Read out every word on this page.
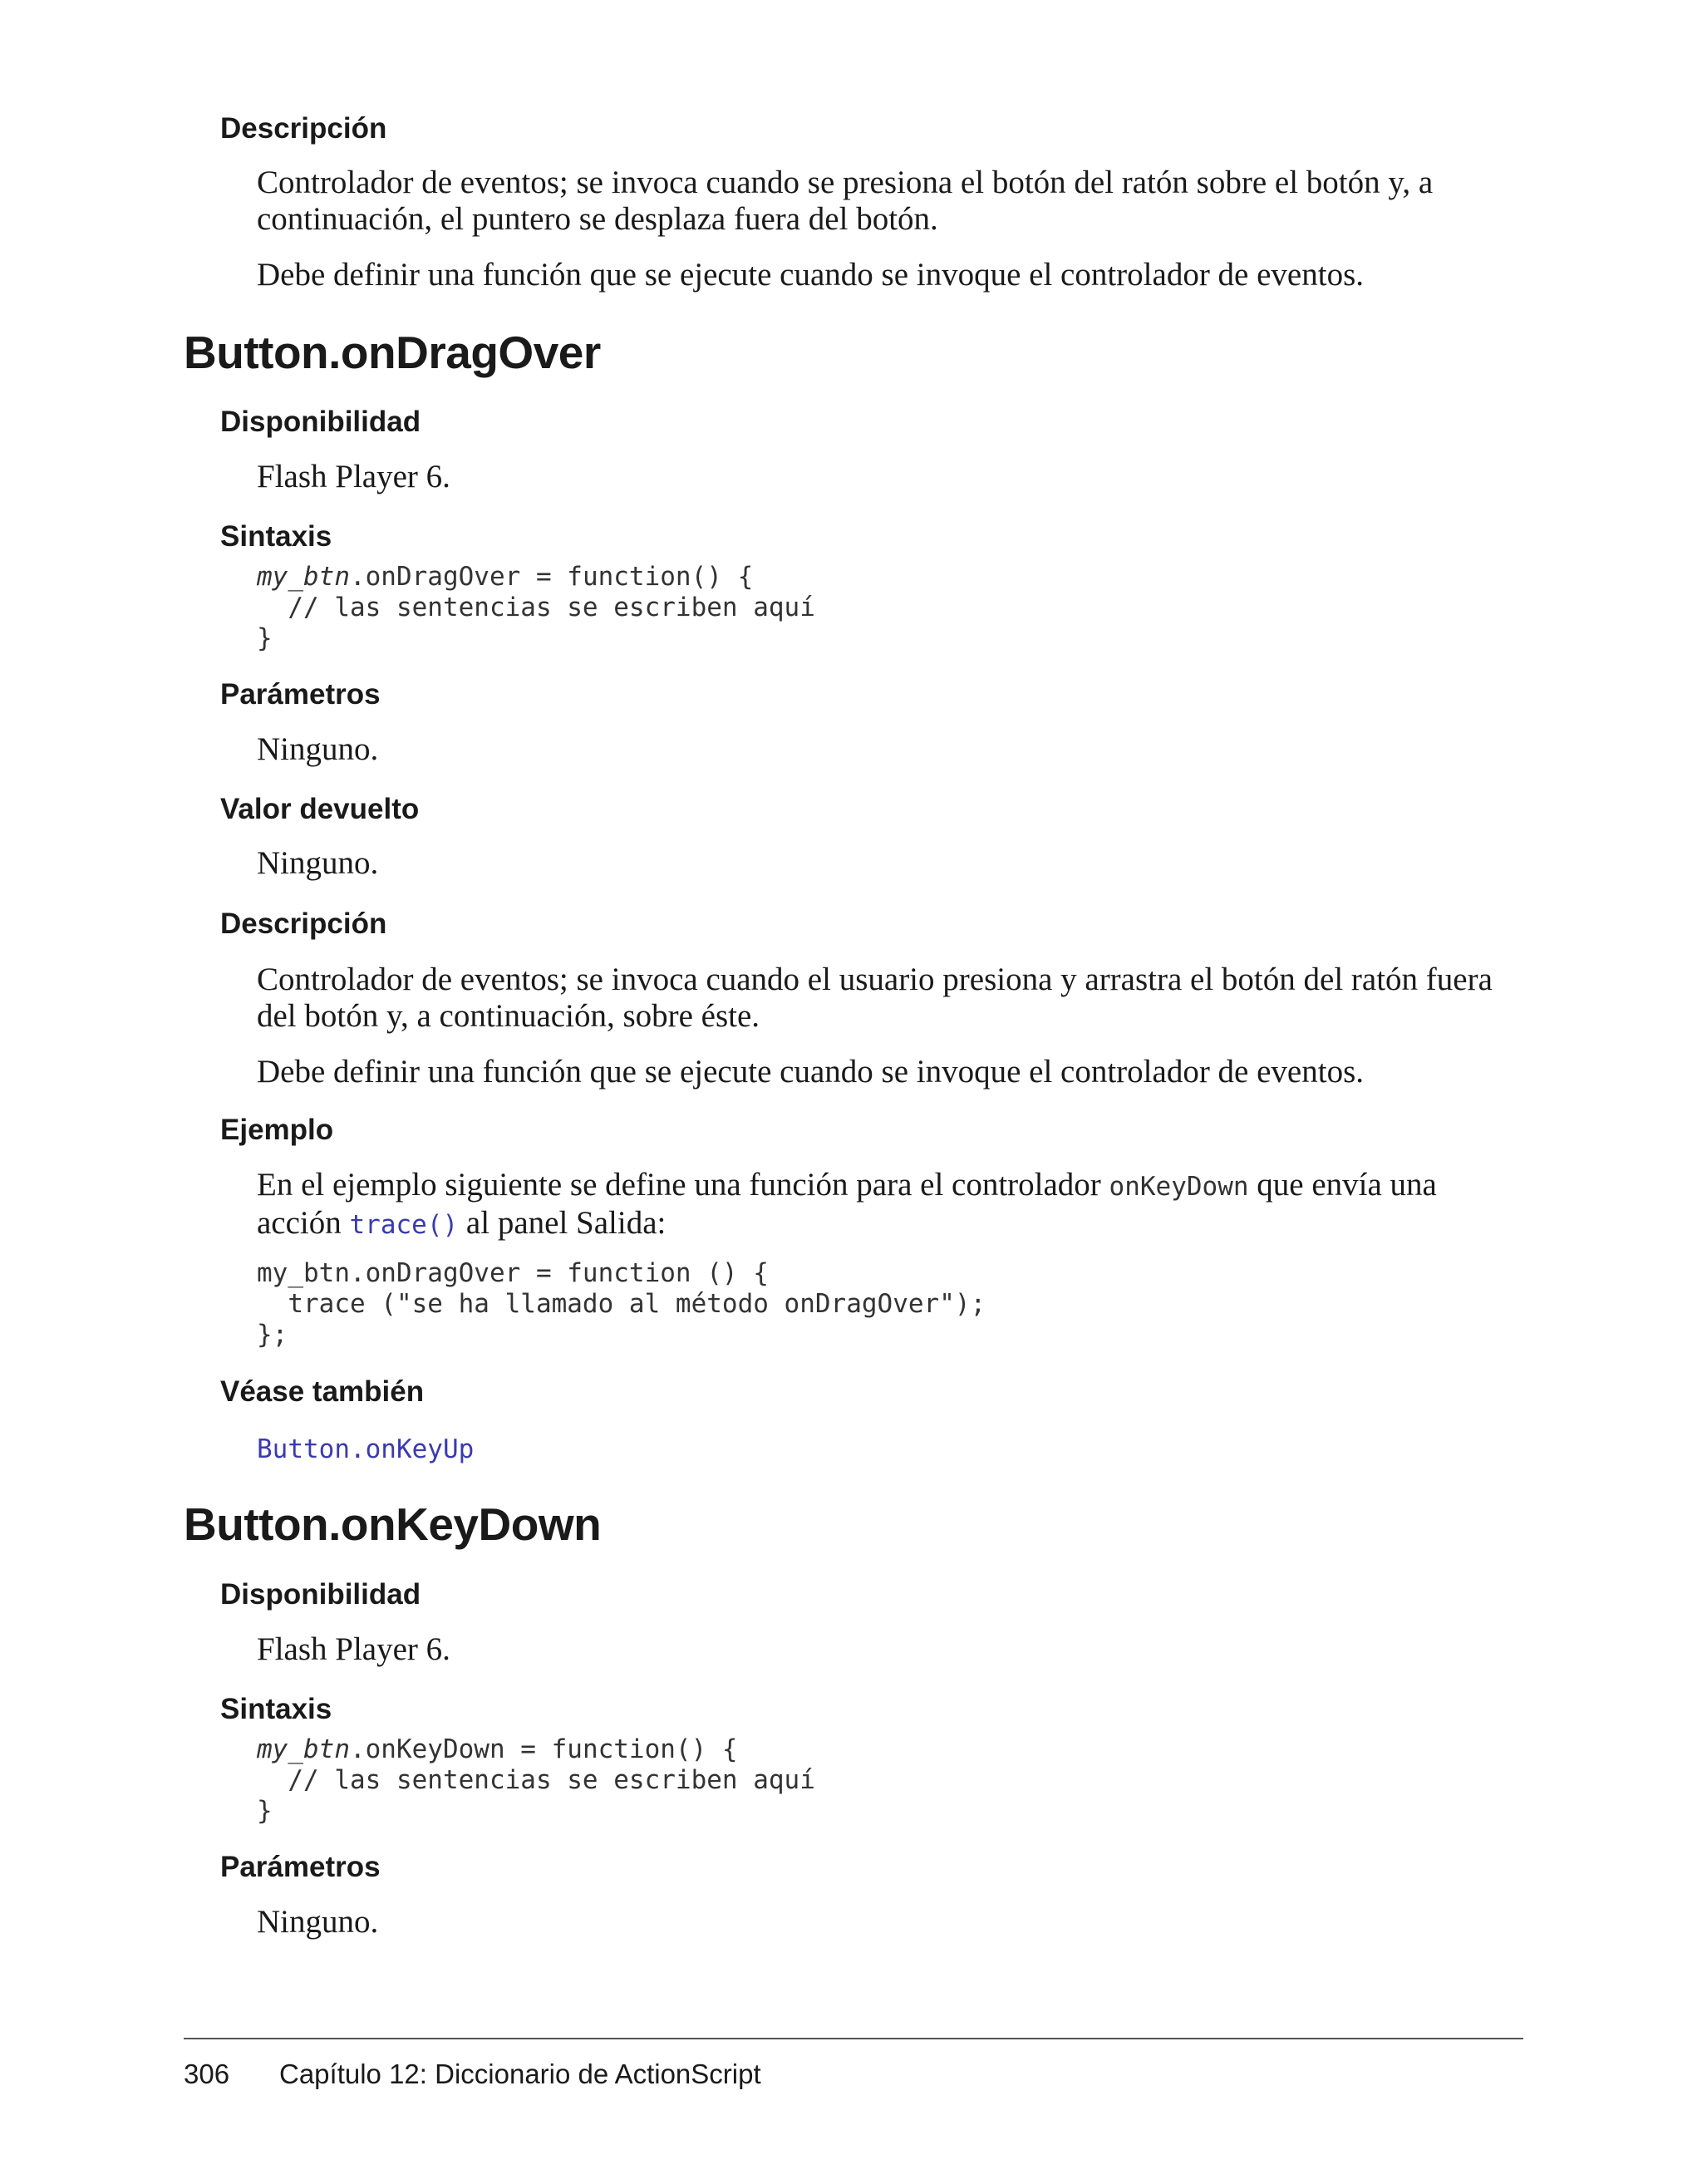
Descripción

Controlador de eventos; se invoca cuando se presiona el botón del ratón sobre el botón y, a continuación, el puntero se desplaza fuera del botón.

Debe definir una función que se ejecute cuando se invoque el controlador de eventos.

Button.onDragOver
Disponibilidad

Flash Player 6.

Sintaxis
my_btn.onDragOver = function() {
// las sentencias se escriben aquí
}
Parámetros

Ninguno.

Valor devuelto

Ninguno.

Descripción

Controlador de eventos; se invoca cuando el usuario presiona y arrastra el botón del ratón fuera del botón y, a continuación, sobre éste.

Debe definir una función que se ejecute cuando se invoque el controlador de eventos.

Ejemplo

En el ejemplo siguiente se define una función para el controlador onKeyDown que envía una acción trace() al panel Salida:

my_btn.onDragOver = function () {
trace ("se ha llamado al método onDragOver");
};
Véase también

Button.onKeyUp

Button.onKeyDown
Disponibilidad

Flash Player 6.

Sintaxis
my_btn.onKeyDown = function() {
// las sentencias se escriben aquí
}
Parámetros

Ninguno.

306 Capítulo 12: Diccionario de ActionScript
